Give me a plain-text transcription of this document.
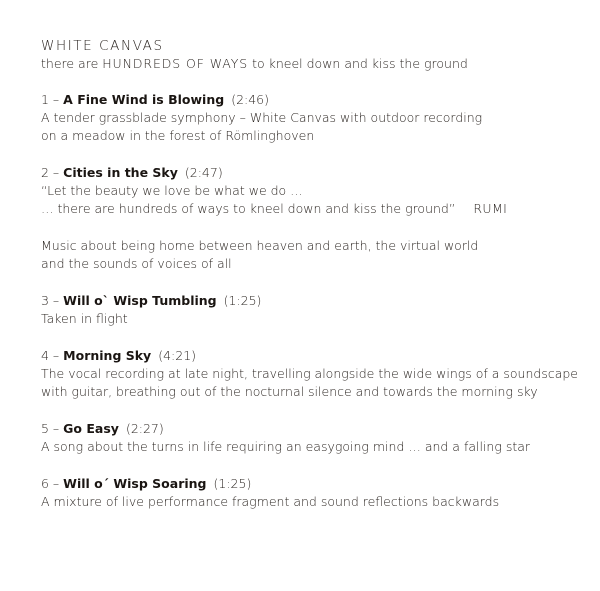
WHITE CANVAS

there are HUNDREDS OF WAYS to kneel down and kiss the ground

1 – A Fine Wind is Blowing (2:46)

A tender grassblade symphony – White Canvas with outdoor recording

on a meadow in the forest of Römlinghoven

2 – Cities in the Sky (2:47)

“Let the beauty we love be what we do …

… there are hundreds of ways to kneel down and kiss the ground” RUMI

Music about being home between heaven and earth, the virtual world

and the sounds of voices of all

3 – Will o` Wisp Tumbling (1:25)

Taken in flight

4 – Morning Sky (4:21)

The vocal recording at late night, travelling alongside the wide wings of a soundscape

with guitar, breathing out of the nocturnal silence and towards the morning sky

5 – Go Easy (2:27)

A song about the turns in life requiring an easygoing mind … and a falling star

6 – Will o´ Wisp Soaring (1:25)

A mixture of live performance fragment and sound reflections backwards
